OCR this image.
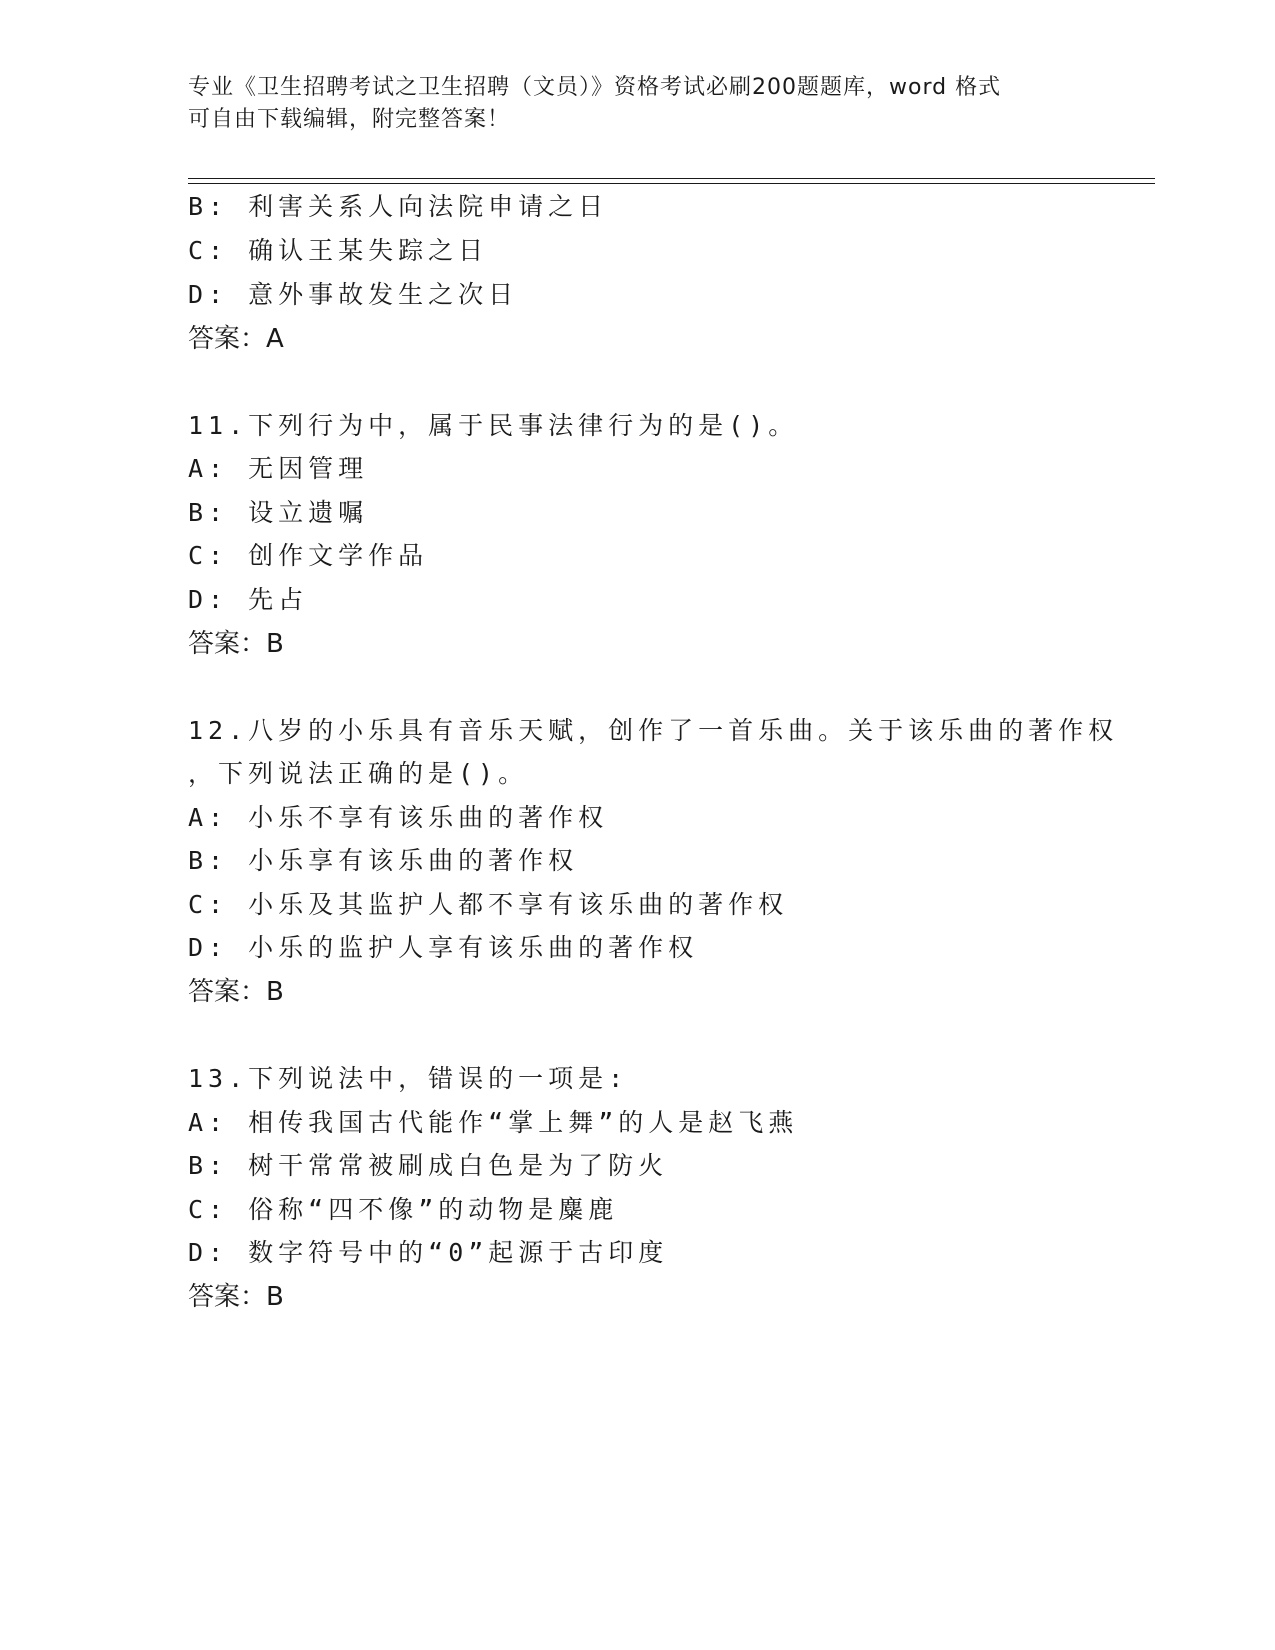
专业《卫生招聘考试之卫生招聘（文员）》资格考试必刷200题题库，word 格式
可自由下载编辑，附完整答案！
B: 利害关系人向法院申请之日
C: 确认王某失踪之日
D: 意外事故发生之次日
答案：A
11.下列行为中，属于民事法律行为的是()。
A: 无因管理
B: 设立遗嘱
C: 创作文学作品
D: 先占
答案：B
12.八岁的小乐具有音乐天赋，创作了一首乐曲。关于该乐曲的著作权
，下列说法正确的是()。
A: 小乐不享有该乐曲的著作权
B: 小乐享有该乐曲的著作权
C: 小乐及其监护人都不享有该乐曲的著作权
D: 小乐的监护人享有该乐曲的著作权
答案：B
13.下列说法中，错误的一项是:
A: 相传我国古代能作“掌上舞”的人是赵飞燕
B: 树干常常被刷成白色是为了防火
C: 俗称“四不像”的动物是麋鹿
D: 数字符号中的“0”起源于古印度
答案：B
